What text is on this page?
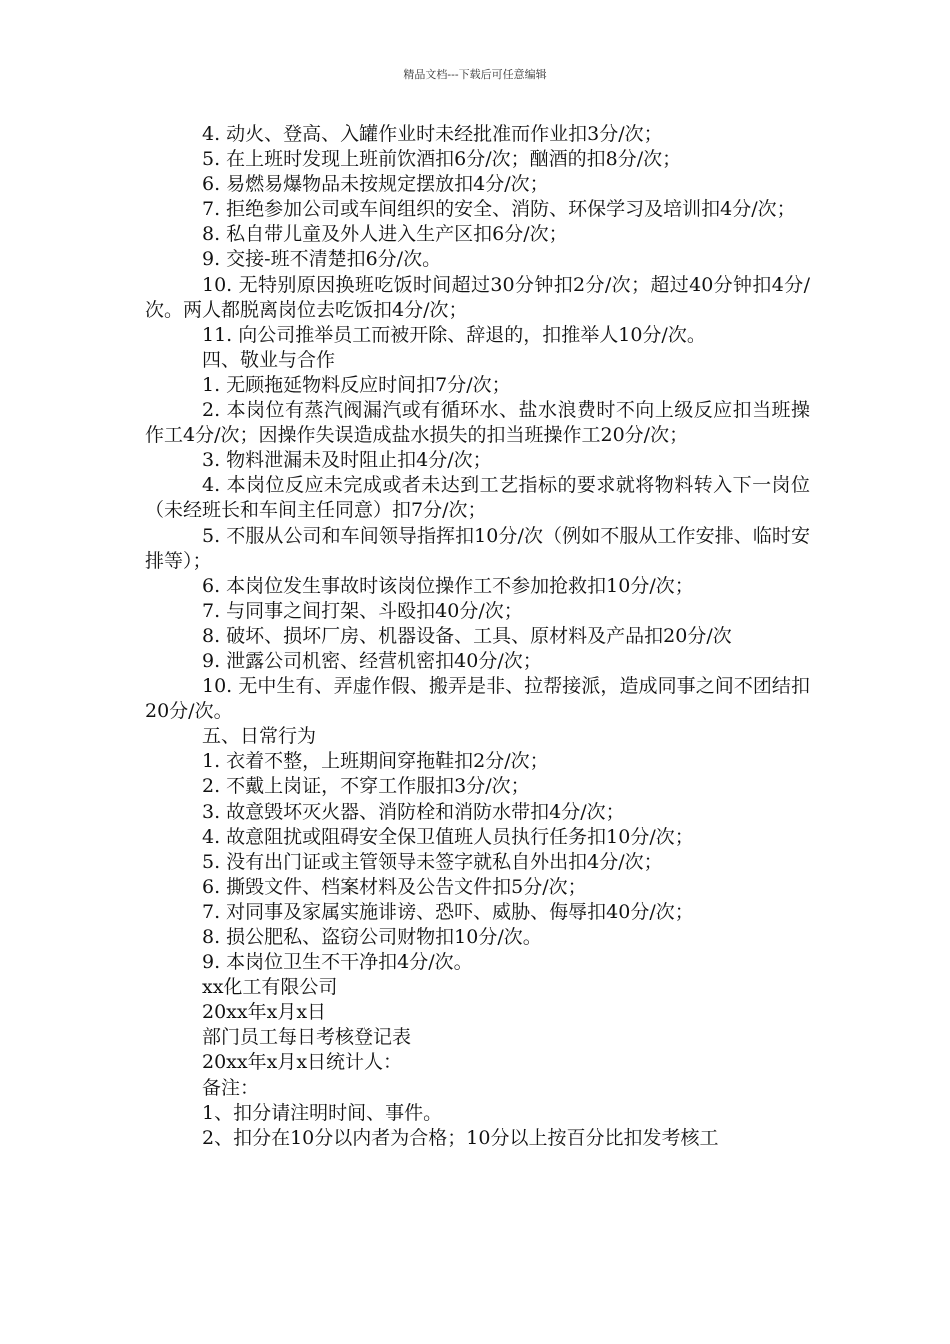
精品文档---下载后可任意编辑

4. 动火、登高、入罐作业时未经批准而作业扣3分/次；

5. 在上班时发现上班前饮酒扣6分/次；酗酒的扣8分/次；

6. 易燃易爆物品未按规定摆放扣4分/次；

7. 拒绝参加公司或车间组织的安全、消防、环保学习及培训扣4分/次；

8. 私自带儿童及外人进入生产区扣6分/次；

9. 交接-班不清楚扣6分/次。

10. 无特别原因换班吃饭时间超过30分钟扣2分/次；超过40分钟扣4分/次。两人都脱离岗位去吃饭扣4分/次；

11. 向公司推举员工而被开除、辞退的，扣推举人10分/次。

四、敬业与合作

1. 无顾拖延物料反应时间扣7分/次；

2. 本岗位有蒸汽阀漏汽或有循环水、盐水浪费时不向上级反应扣当班操作工4分/次；因操作失误造成盐水损失的扣当班操作工20分/次；

3. 物料泄漏未及时阻止扣4分/次；

4. 本岗位反应未完成或者未达到工艺指标的要求就将物料转入下一岗位（未经班长和车间主任同意）扣7分/次；

5. 不服从公司和车间领导指挥扣10分/次（例如不服从工作安排、临时安排等）；

6. 本岗位发生事故时该岗位操作工不参加抢救扣10分/次；

7. 与同事之间打架、斗殴扣40分/次；

8. 破坏、损坏厂房、机器设备、工具、原材料及产品扣20分/次

9. 泄露公司机密、经营机密扣40分/次；

10. 无中生有、弄虚作假、搬弄是非、拉帮接派，造成同事之间不团结扣20分/次。

五、日常行为

1. 衣着不整，上班期间穿拖鞋扣2分/次；

2. 不戴上岗证，不穿工作服扣3分/次；

3. 故意毁坏灭火器、消防栓和消防水带扣4分/次；

4. 故意阻扰或阻碍安全保卫值班人员执行任务扣10分/次；

5. 没有出门证或主管领导未签字就私自外出扣4分/次；

6. 撕毁文件、档案材料及公告文件扣5分/次；

7. 对同事及家属实施诽谤、恐吓、威胁、侮辱扣40分/次；

8. 损公肥私、盗窃公司财物扣10分/次。

9. 本岗位卫生不干净扣4分/次。

xx化工有限公司

20xx年x月x日

部门员工每日考核登记表

20xx年x月x日统计人：

备注：

1、扣分请注明时间、事件。

2、扣分在10分以内者为合格；10分以上按百分比扣发考核工
